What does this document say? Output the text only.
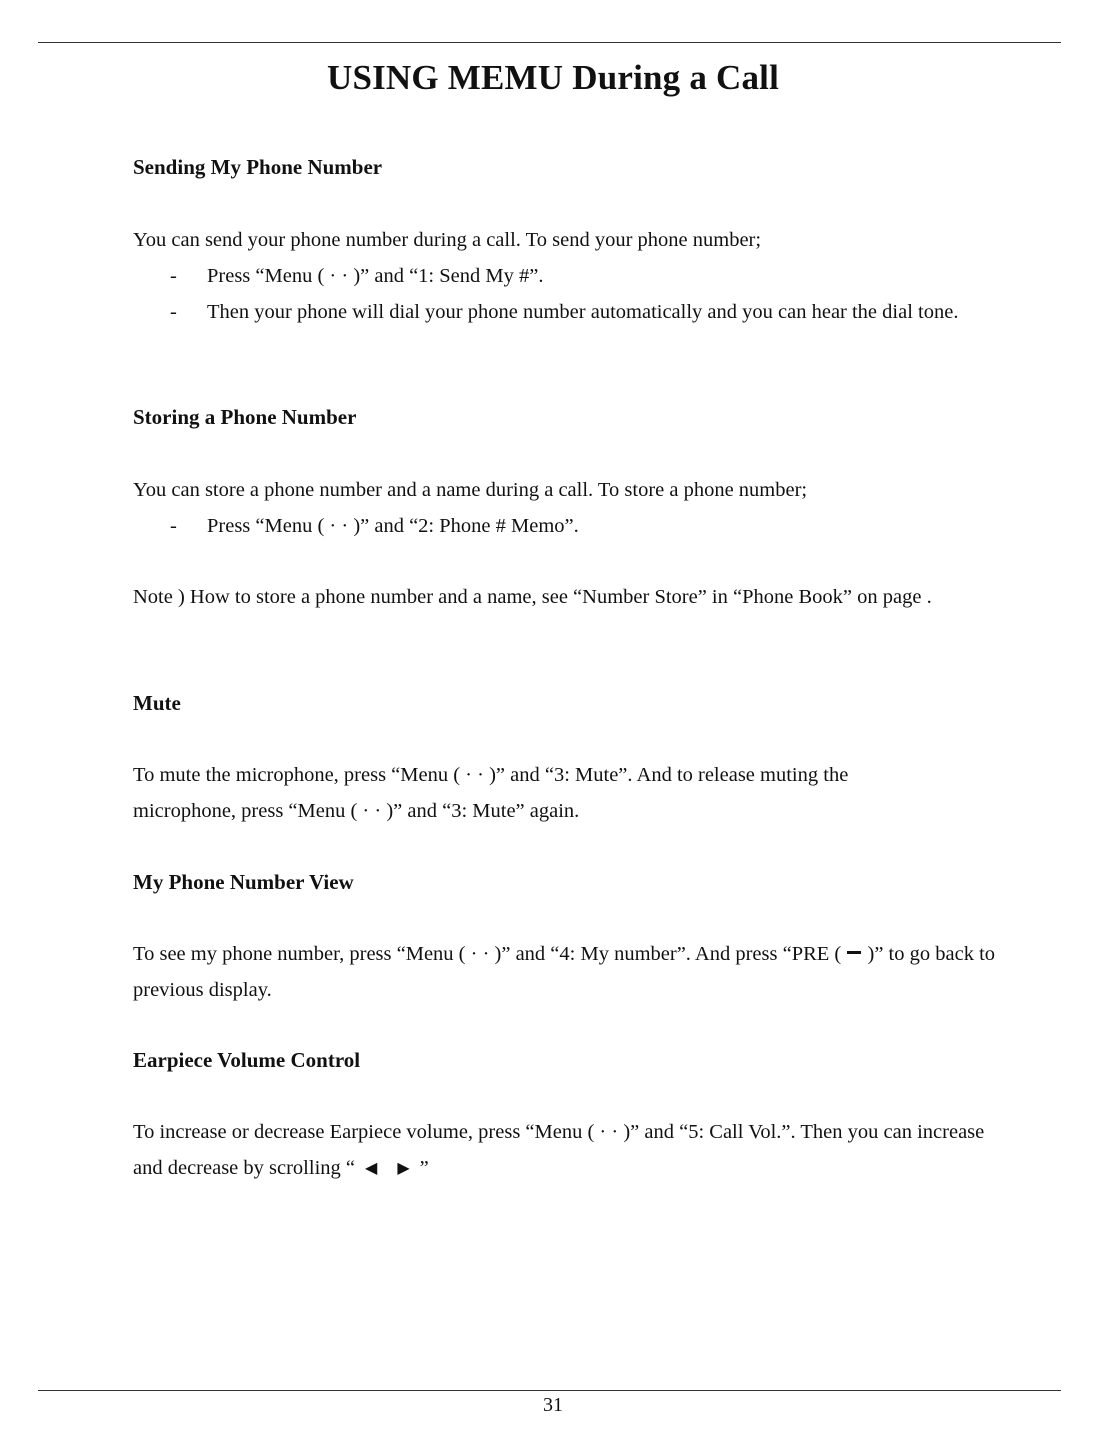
USING MEMU During a Call
Sending My Phone Number
You can send your phone number during a call. To send your phone number;
- Press “Menu ( · · )” and “1: Send My #”.
- Then your phone will dial your phone number automatically and you can hear the dial tone.
Storing a Phone Number
You can store a phone number and a name during a call. To store a phone number;
- Press “Menu ( · · )” and “2: Phone # Memo”.
Note ) How to store a phone number and a name, see “Number Store” in “Phone Book” on page .
Mute
To mute the microphone, press “Menu ( · · )” and “3: Mute”. And to release muting the microphone, press “Menu ( · · )” and “3: Mute” again.
My Phone Number View
To see my phone number, press “Menu ( · · )” and “4: My number”. And press “PRE ( )” to go back to previous display.
Earpiece Volume Control
To increase or decrease Earpiece volume, press “Menu ( · · )” and “5: Call Vol.”. Then you can increase and decrease by scrolling “ ◀ ▶ ”
31
